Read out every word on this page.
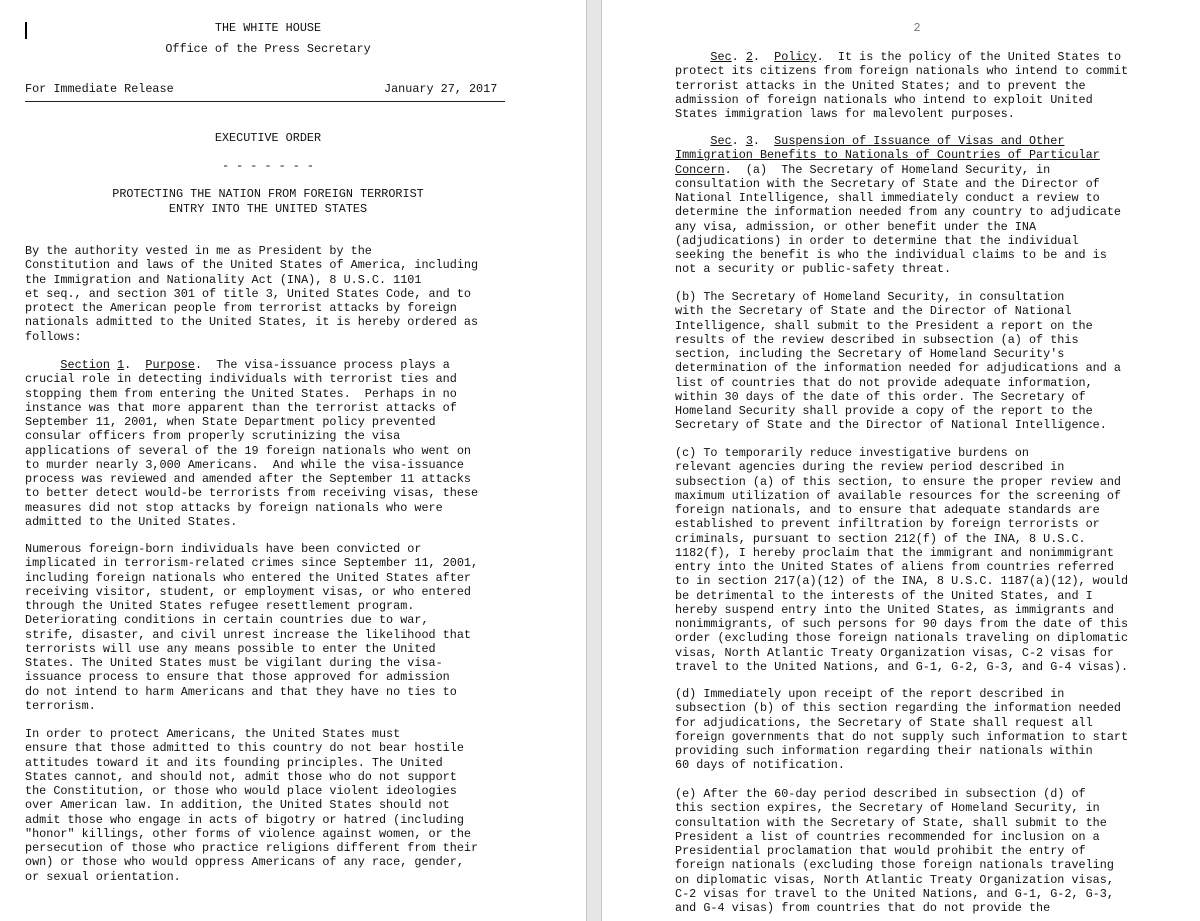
THE WHITE HOUSE
Office of the Press Secretary
For Immediate Release	January 27, 2017
EXECUTIVE ORDER
- - - - - - -
PROTECTING THE NATION FROM FOREIGN TERRORIST
ENTRY INTO THE UNITED STATES
By the authority vested in me as President by the
Constitution and laws of the United States of America, including
the Immigration and Nationality Act (INA), 8 U.S.C. 1101
et seq., and section 301 of title 3, United States Code, and to
protect the American people from terrorist attacks by foreign
nationals admitted to the United States, it is hereby ordered as
follows:
Section 1.  Purpose.  The visa-issuance process plays a
crucial role in detecting individuals with terrorist ties and
stopping them from entering the United States.  Perhaps in no
instance was that more apparent than the terrorist attacks of
September 11, 2001, when State Department policy prevented
consular officers from properly scrutinizing the visa
applications of several of the 19 foreign nationals who went on
to murder nearly 3,000 Americans.  And while the visa-issuance
process was reviewed and amended after the September 11 attacks
to better detect would-be terrorists from receiving visas, these
measures did not stop attacks by foreign nationals who were
admitted to the United States.
Numerous foreign-born individuals have been convicted or
implicated in terrorism-related crimes since September 11, 2001,
including foreign nationals who entered the United States after
receiving visitor, student, or employment visas, or who entered
through the United States refugee resettlement program.
Deteriorating conditions in certain countries due to war,
strife, disaster, and civil unrest increase the likelihood that
terrorists will use any means possible to enter the United
States. The United States must be vigilant during the visa-
issuance process to ensure that those approved for admission
do not intend to harm Americans and that they have no ties to
terrorism.
In order to protect Americans, the United States must
ensure that those admitted to this country do not bear hostile
attitudes toward it and its founding principles. The United
States cannot, and should not, admit those who do not support
the Constitution, or those who would place violent ideologies
over American law. In addition, the United States should not
admit those who engage in acts of bigotry or hatred (including
"honor" killings, other forms of violence against women, or the
persecution of those who practice religions different from their
own) or those who would oppress Americans of any race, gender,
or sexual orientation.
2
Sec. 2.  Policy.  It is the policy of the United States to
protect its citizens from foreign nationals who intend to commit
terrorist attacks in the United States; and to prevent the
admission of foreign nationals who intend to exploit United
States immigration laws for malevolent purposes.
Sec. 3.  Suspension of Issuance of Visas and Other
Immigration Benefits to Nationals of Countries of Particular
Concern.  (a)  The Secretary of Homeland Security, in
consultation with the Secretary of State and the Director of
National Intelligence, shall immediately conduct a review to
determine the information needed from any country to adjudicate
any visa, admission, or other benefit under the INA
(adjudications) in order to determine that the individual
seeking the benefit is who the individual claims to be and is
not a security or public-safety threat.
(b) The Secretary of Homeland Security, in consultation
with the Secretary of State and the Director of National
Intelligence, shall submit to the President a report on the
results of the review described in subsection (a) of this
section, including the Secretary of Homeland Security's
determination of the information needed for adjudications and a
list of countries that do not provide adequate information,
within 30 days of the date of this order. The Secretary of
Homeland Security shall provide a copy of the report to the
Secretary of State and the Director of National Intelligence.
(c) To temporarily reduce investigative burdens on
relevant agencies during the review period described in
subsection (a) of this section, to ensure the proper review and
maximum utilization of available resources for the screening of
foreign nationals, and to ensure that adequate standards are
established to prevent infiltration by foreign terrorists or
criminals, pursuant to section 212(f) of the INA, 8 U.S.C.
1182(f), I hereby proclaim that the immigrant and nonimmigrant
entry into the United States of aliens from countries referred
to in section 217(a)(12) of the INA, 8 U.S.C. 1187(a)(12), would
be detrimental to the interests of the United States, and I
hereby suspend entry into the United States, as immigrants and
nonimmigrants, of such persons for 90 days from the date of this
order (excluding those foreign nationals traveling on diplomatic
visas, North Atlantic Treaty Organization visas, C-2 visas for
travel to the United Nations, and G-1, G-2, G-3, and G-4 visas).
(d) Immediately upon receipt of the report described in
subsection (b) of this section regarding the information needed
for adjudications, the Secretary of State shall request all
foreign governments that do not supply such information to start
providing such information regarding their nationals within
60 days of notification.
(e) After the 60-day period described in subsection (d) of
this section expires, the Secretary of Homeland Security, in
consultation with the Secretary of State, shall submit to the
President a list of countries recommended for inclusion on a
Presidential proclamation that would prohibit the entry of
foreign nationals (excluding those foreign nationals traveling
on diplomatic visas, North Atlantic Treaty Organization visas,
C-2 visas for travel to the United Nations, and G-1, G-2, G-3,
and G-4 visas) from countries that do not provide the
